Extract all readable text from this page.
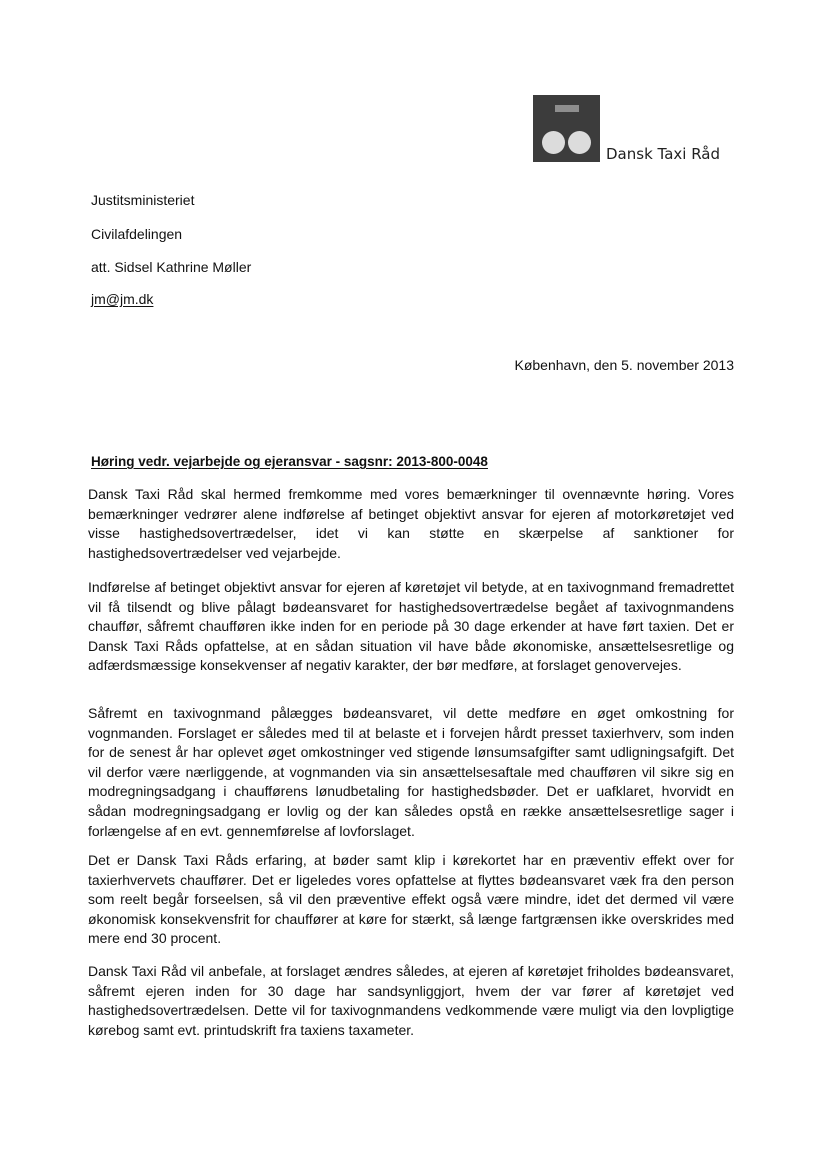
Dansk Taxi Råd
Justitsministeriet
Civilafdelingen
att. Sidsel Kathrine Møller
jm@jm.dk
København, den 5. november 2013
Høring vedr. vejarbejde og ejeransvar - sagsnr: 2013-800-0048

Dansk Taxi Råd skal hermed fremkomme med vores bemærkninger til ovennævnte høring. Vores bemærkninger vedrører alene indførelse af betinget objektivt ansvar for ejeren af motorkøretøjet ved visse hastighedsovertrædelser, idet vi kan støtte en skærpelse af sanktioner for hastighedsovertrædelser ved vejarbejde.

Indførelse af betinget objektivt ansvar for ejeren af køretøjet vil betyde, at en taxivognmand fremadrettet vil få tilsendt og blive pålagt bødeansvaret for hastighedsovertrædelse begået af taxivognmandens chauffør, såfremt chaufføren ikke inden for en periode på 30 dage erkender at have ført taxien. Det er Dansk Taxi Råds opfattelse, at en sådan situation vil have både økonomiske, ansættelsesretlige og adfærdsmæssige konsekvenser af negativ karakter, der bør medføre, at forslaget genovervejes.

Såfremt en taxivognmand pålægges bødeansvaret, vil dette medføre en øget omkostning for vognmanden. Forslaget er således med til at belaste et i forvejen hårdt presset taxierhverv, som inden for de senest år har oplevet øget omkostninger ved stigende lønsumsafgifter samt udligningsafgift. Det vil derfor være nærliggende, at vognmanden via sin ansættelsesaftale med chaufføren vil sikre sig en modregningsadgang i chaufførens lønudbetaling for hastighedsbøder. Det er uafklaret, hvorvidt en sådan modregningsadgang er lovlig og der kan således opstå en række ansættelsesretlige sager i forlængelse af en evt. gennemførelse af lovforslaget.

Det er Dansk Taxi Råds erfaring, at bøder samt klip i kørekortet har en præventiv effekt over for taxierhvervets chauffører. Det er ligeledes vores opfattelse at flyttes bødeansvaret væk fra den person som reelt begår forseelsen, så vil den præventive effekt også være mindre, idet det dermed vil være økonomisk konsekvensfrit for chauffører at køre for stærkt, så længe fartgrænsen ikke overskrides med mere end 30 procent.

Dansk Taxi Råd vil anbefale, at forslaget ændres således, at ejeren af køretøjet friholdes bødeansvaret, såfremt ejeren inden for 30 dage har sandsynliggjort, hvem der var fører af køretøjet ved hastighedsovertrædelsen. Dette vil for taxivognmandens vedkommende være muligt via den lovpligtige kørebog samt evt. printudskrift fra taxiens taxameter.
